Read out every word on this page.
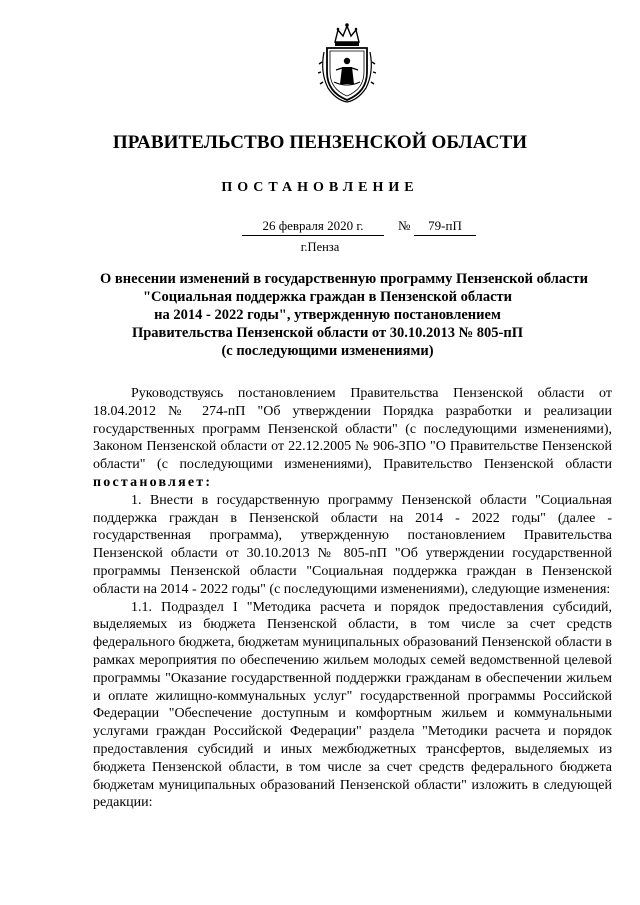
ПРАВИТЕЛЬСТВО ПЕНЗЕНСКОЙ ОБЛАСТИ
ПОСТАНОВЛЕНИЕ
26 февраля 2020 г.	№	79-пП
г.Пенза
О внесении изменений в государственную программу Пензенской области
"Социальная поддержка граждан в Пензенской области
на 2014 - 2022 годы", утвержденную постановлением
Правительства Пензенской области от 30.10.2013 № 805-пП
(с последующими изменениями)

Руководствуясь постановлением Правительства Пензенской области от 18.04.2012 № 274-пП "Об утверждении Порядка разработки и реализации государственных программ Пензенской области" (с последующими изменениями), Законом Пензенской области от 22.12.2005 № 906-ЗПО "О Правительстве Пензенской области" (с последующими изменениями), Правительство Пензенской области постановляет:

1. Внести в государственную программу Пензенской области "Социальная поддержка граждан в Пензенской области на 2014 - 2022 годы" (далее - государственная программа), утвержденную постановлением Правительства Пензенской области от 30.10.2013 № 805-пП "Об утверждении государственной программы Пензенской области "Социальная поддержка граждан в Пензенской области на 2014 - 2022 годы" (с последующими изменениями), следующие изменения:

1.1. Подраздел I "Методика расчета и порядок предоставления субсидий, выделяемых из бюджета Пензенской области, в том числе за счет средств федерального бюджета, бюджетам муниципальных образований Пензенской области в рамках мероприятия по обеспечению жильем молодых семей ведомственной целевой программы "Оказание государственной поддержки гражданам в обеспечении жильем и оплате жилищно-коммунальных услуг" государственной программы Российской Федерации "Обеспечение доступным и комфортным жильем и коммунальными услугами граждан Российской Федерации" раздела "Методики расчета и порядок предоставления субсидий и иных межбюджетных трансфертов, выделяемых из бюджета Пензенской области, в том числе за счет средств федерального бюджета бюджетам муниципальных образований Пензенской области" изложить в следующей редакции:
